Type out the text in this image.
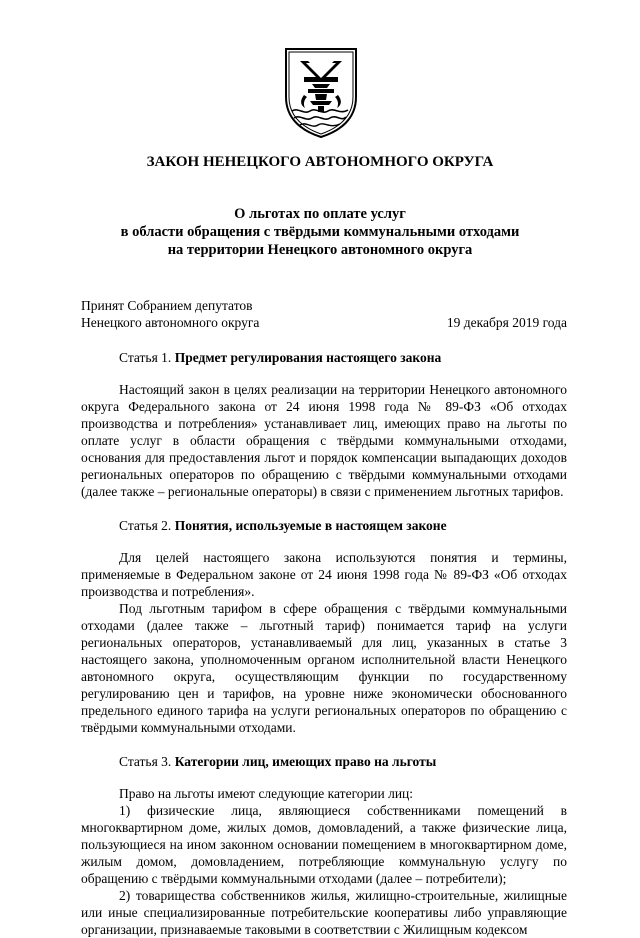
ЗАКОН НЕНЕЦКОГО АВТОНОМНОГО ОКРУГА
О льготах по оплате услуг
в области обращения с твёрдыми коммунальными отходами
на территории Ненецкого автономного округа
Принят Собранием депутатов
Ненецкого автономного округа	19 декабря 2019 года

Статья 1. Предмет регулирования настоящего закона

Настоящий закон в целях реализации на территории Ненецкого автономного округа Федерального закона от 24 июня 1998 года № 89-ФЗ «Об отходах производства и потребления» устанавливает лиц, имеющих право на льготы по оплате услуг в области обращения с твёрдыми коммунальными отходами, основания для предоставления льгот и порядок компенсации выпадающих доходов региональных операторов по обращению с твёрдыми коммунальными отходами (далее также – региональные операторы) в связи с применением льготных тарифов.

Статья 2. Понятия, используемые в настоящем законе

Для целей настоящего закона используются понятия и термины, применяемые в Федеральном законе от 24 июня 1998 года № 89-ФЗ «Об отходах производства и потребления».

Под льготным тарифом в сфере обращения с твёрдыми коммунальными отходами (далее также – льготный тариф) понимается тариф на услуги региональных операторов, устанавливаемый для лиц, указанных в статье 3 настоящего закона, уполномоченным органом исполнительной власти Ненецкого автономного округа, осуществляющим функции по государственному регулированию цен и тарифов, на уровне ниже экономически обоснованного предельного единого тарифа на услуги региональных операторов по обращению с твёрдыми коммунальными отходами.

Статья 3. Категории лиц, имеющих право на льготы

Право на льготы имеют следующие категории лиц:

1) физические лица, являющиеся собственниками помещений в многоквартирном доме, жилых домов, домовладений, а также физические лица, пользующиеся на ином законном основании помещением в многоквартирном доме, жилым домом, домовладением, потребляющие коммунальную услугу по обращению с твёрдыми коммунальными отходами (далее – потребители);

2) товарищества собственников жилья, жилищно-строительные, жилищные или иные специализированные потребительские кооперативы либо управляющие организации, признаваемые таковыми в соответствии с Жилищным кодексом
